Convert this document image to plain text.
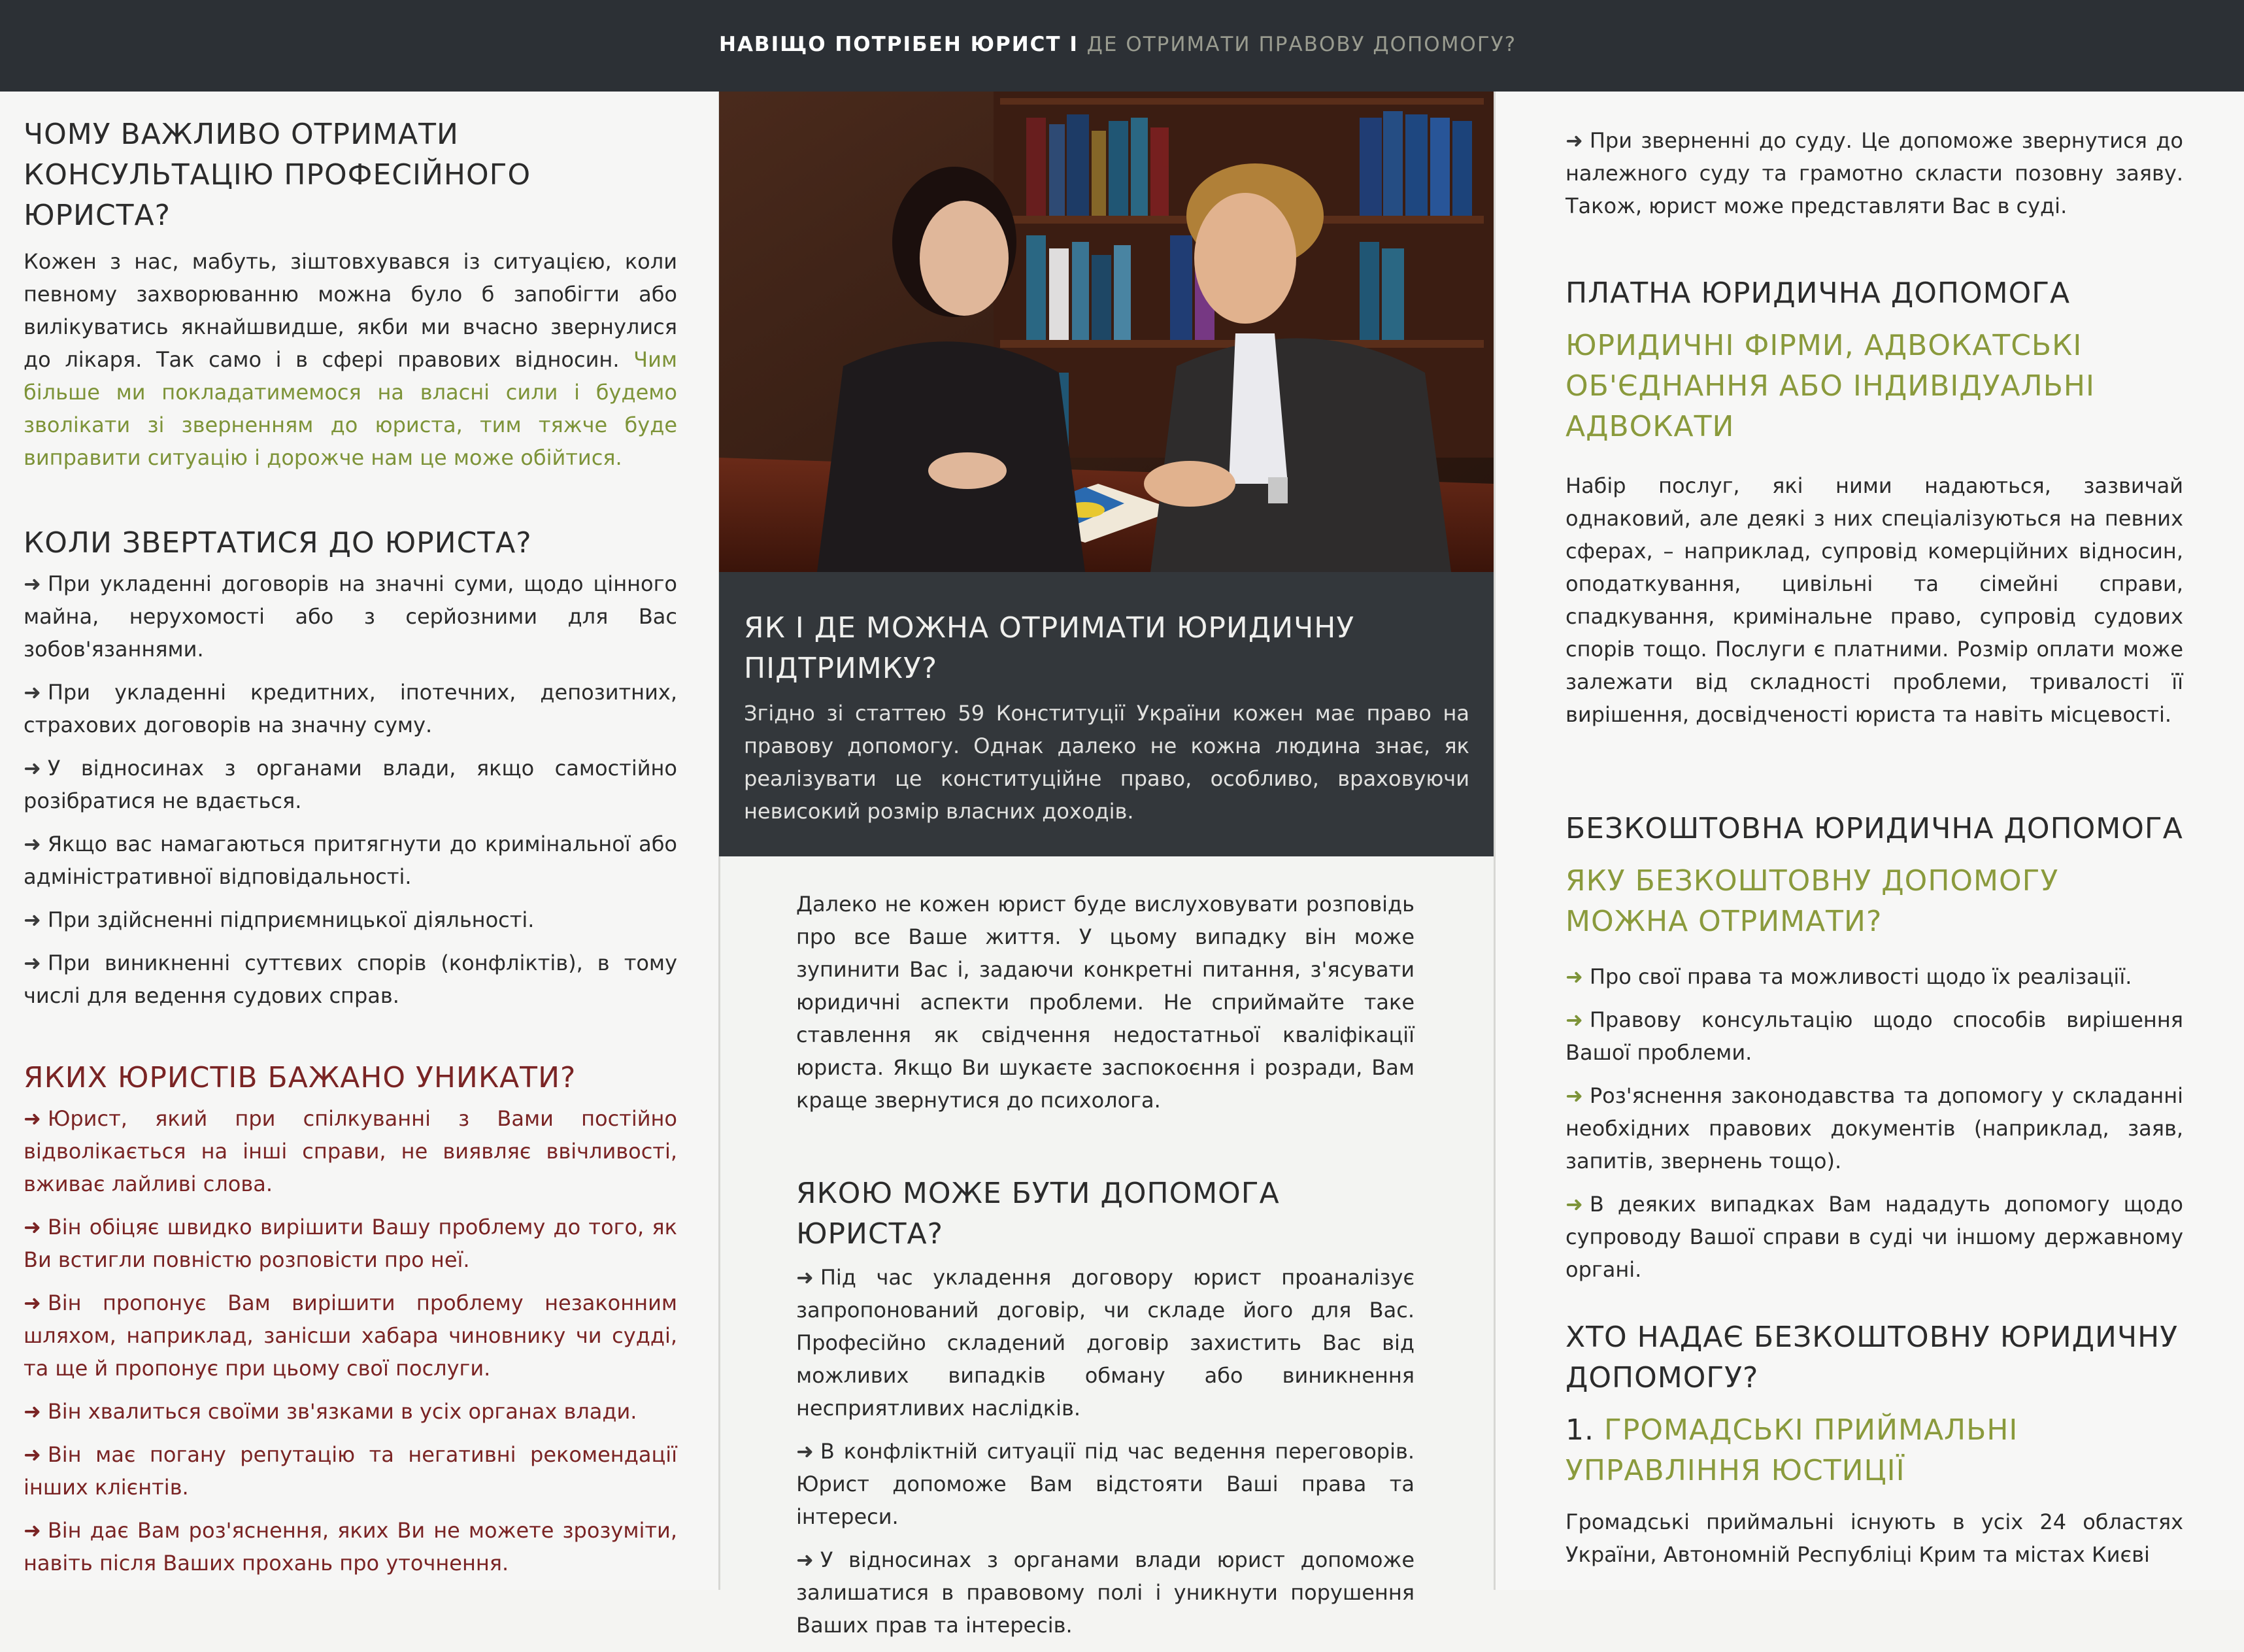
НАВІЩО ПОТРІБЕН ЮРИСТ І ДЕ ОТРИМАТИ ПРАВОВУ ДОПОМОГУ?
ЧОМУ ВАЖЛИВО ОТРИМАТИ КОНСУЛЬТАЦІЮ ПРОФЕСІЙНОГО ЮРИСТА?

Кожен з нас, мабуть, зіштовхувався із ситуацією, коли певному захворюванню можна було б запобігти або вилікуватись якнайшвидше, якби ми вчасно звернулися до лікаря. Так само і в сфері правових відносин. Чим більше ми покладатимемося на власні сили і будемо зволікати зі зверненням до юриста, тим тяжче буде виправити ситуацію і дорожче нам це може обійтися.

КОЛИ ЗВЕРТАТИСЯ ДО ЮРИСТА?

➜ При укладенні договорів на значні суми, щодо цінного майна, нерухомості або з серйозними для Вас зобов'язаннями.

➜ При укладенні кредитних, іпотечних, депозитних, страхових договорів на значну суму.

➜ У відносинах з органами влади, якщо самостійно розібратися не вдається.

➜ Якщо вас намагаються притягнути до кримінальної або адміністративної відповідальності.

➜ При здійсненні підприємницької діяльності.

➜ При виникненні суттєвих спорів (конфліктів), в тому числі для ведення судових справ.

ЯКИХ ЮРИСТІВ БАЖАНО УНИКАТИ?

➜ Юрист, який при спілкуванні з Вами постійно відволікається на інші справи, не виявляє ввічливості, вживає лайливі слова.

➜ Він обіцяє швидко вирішити Вашу проблему до того, як Ви встигли повністю розповісти про неї.

➜ Він пропонує Вам вирішити проблему незаконним шляхом, наприклад, занісши хабара чиновнику чи судді, та ще й пропонує при цьому свої послуги.

➜ Він хвалиться своїми зв'язками в усіх органах влади.

➜ Він має погану репутацію та негативні рекомендації інших клієнтів.

➜ Він дає Вам роз'яснення, яких Ви не можете зрозуміти, навіть після Ваших прохань про уточнення.

ЯК І ДЕ МОЖНА ОТРИМАТИ ЮРИДИЧНУ ПІДТРИМКУ?

Згідно зі статтею 59 Конституції України кожен має право на правову допомогу. Однак далеко не кожна людина знає, як реалізувати це конституційне право, особливо, враховуючи невисокий розмір власних доходів.

Далеко не кожен юрист буде вислуховувати розповідь про все Ваше життя. У цьому випадку він може зупинити Вас і, задаючи конкретні питання, з'ясувати юридичні аспекти проблеми. Не сприймайте таке ставлення як свідчення недостатньої кваліфікації юриста. Якщо Ви шукаєте заспокоєння і розради, Вам краще звернутися до психолога.

ЯКОЮ МОЖЕ БУТИ ДОПОМОГА ЮРИСТА?

➜ Під час укладення договору юрист проаналізує запропонований договір, чи складе його для Вас. Професійно складений договір захистить Вас від можливих випадків обману або виникнення несприятливих наслідків.

➜ В конфліктній ситуації під час ведення переговорів. Юрист допоможе Вам відстояти Ваші права та інтереси.

➜ У відносинах з органами влади юрист допоможе залишатися в правовому полі і уникнути порушення Ваших прав та інтересів.

➜ При зверненні до суду. Це допоможе звернутися до належного суду та грамотно скласти позовну заяву. Також, юрист може представляти Вас в суді.

ПЛАТНА ЮРИДИЧНА ДОПОМОГА
ЮРИДИЧНІ ФІРМИ, АДВОКАТСЬКІ ОБ'ЄДНАННЯ АБО ІНДИВІДУАЛЬНІ АДВОКАТИ

Набір послуг, які ними надаються, зазвичай однаковий, але деякі з них спеціалізуються на певних сферах, – наприклад, супровід комерційних відносин, оподаткування, цивільні та сімейні справи, спадкування, кримінальне право, супровід судових спорів тощо. Послуги є платними. Розмір оплати може залежати від складності проблеми, тривалості її вирішення, досвідченості юриста та навіть місцевості.

БЕЗКОШТОВНА ЮРИДИЧНА ДОПОМОГА
ЯКУ БЕЗКОШТОВНУ ДОПОМОГУ МОЖНА ОТРИМАТИ?

➜ Про свої права та можливості щодо їх реалізації.

➜ Правову консультацію щодо способів вирішення Вашої проблеми.

➜ Роз'яснення законодавства та допомогу у складанні необхідних правових документів (наприклад, заяв, запитів, звернень тощо).

➜ В деяких випадках Вам нададуть допомогу щодо супроводу Вашої справи в суді чи іншому державному органі.

ХТО НАДАЄ БЕЗКОШТОВНУ ЮРИДИЧНУ ДОПОМОГУ?
1. ГРОМАДСЬКІ ПРИЙМАЛЬНІ УПРАВЛІННЯ ЮСТИЦІЇ

Громадські приймальні існують в усіх 24 областях України, Автономній Республіці Крим та містах Києві
